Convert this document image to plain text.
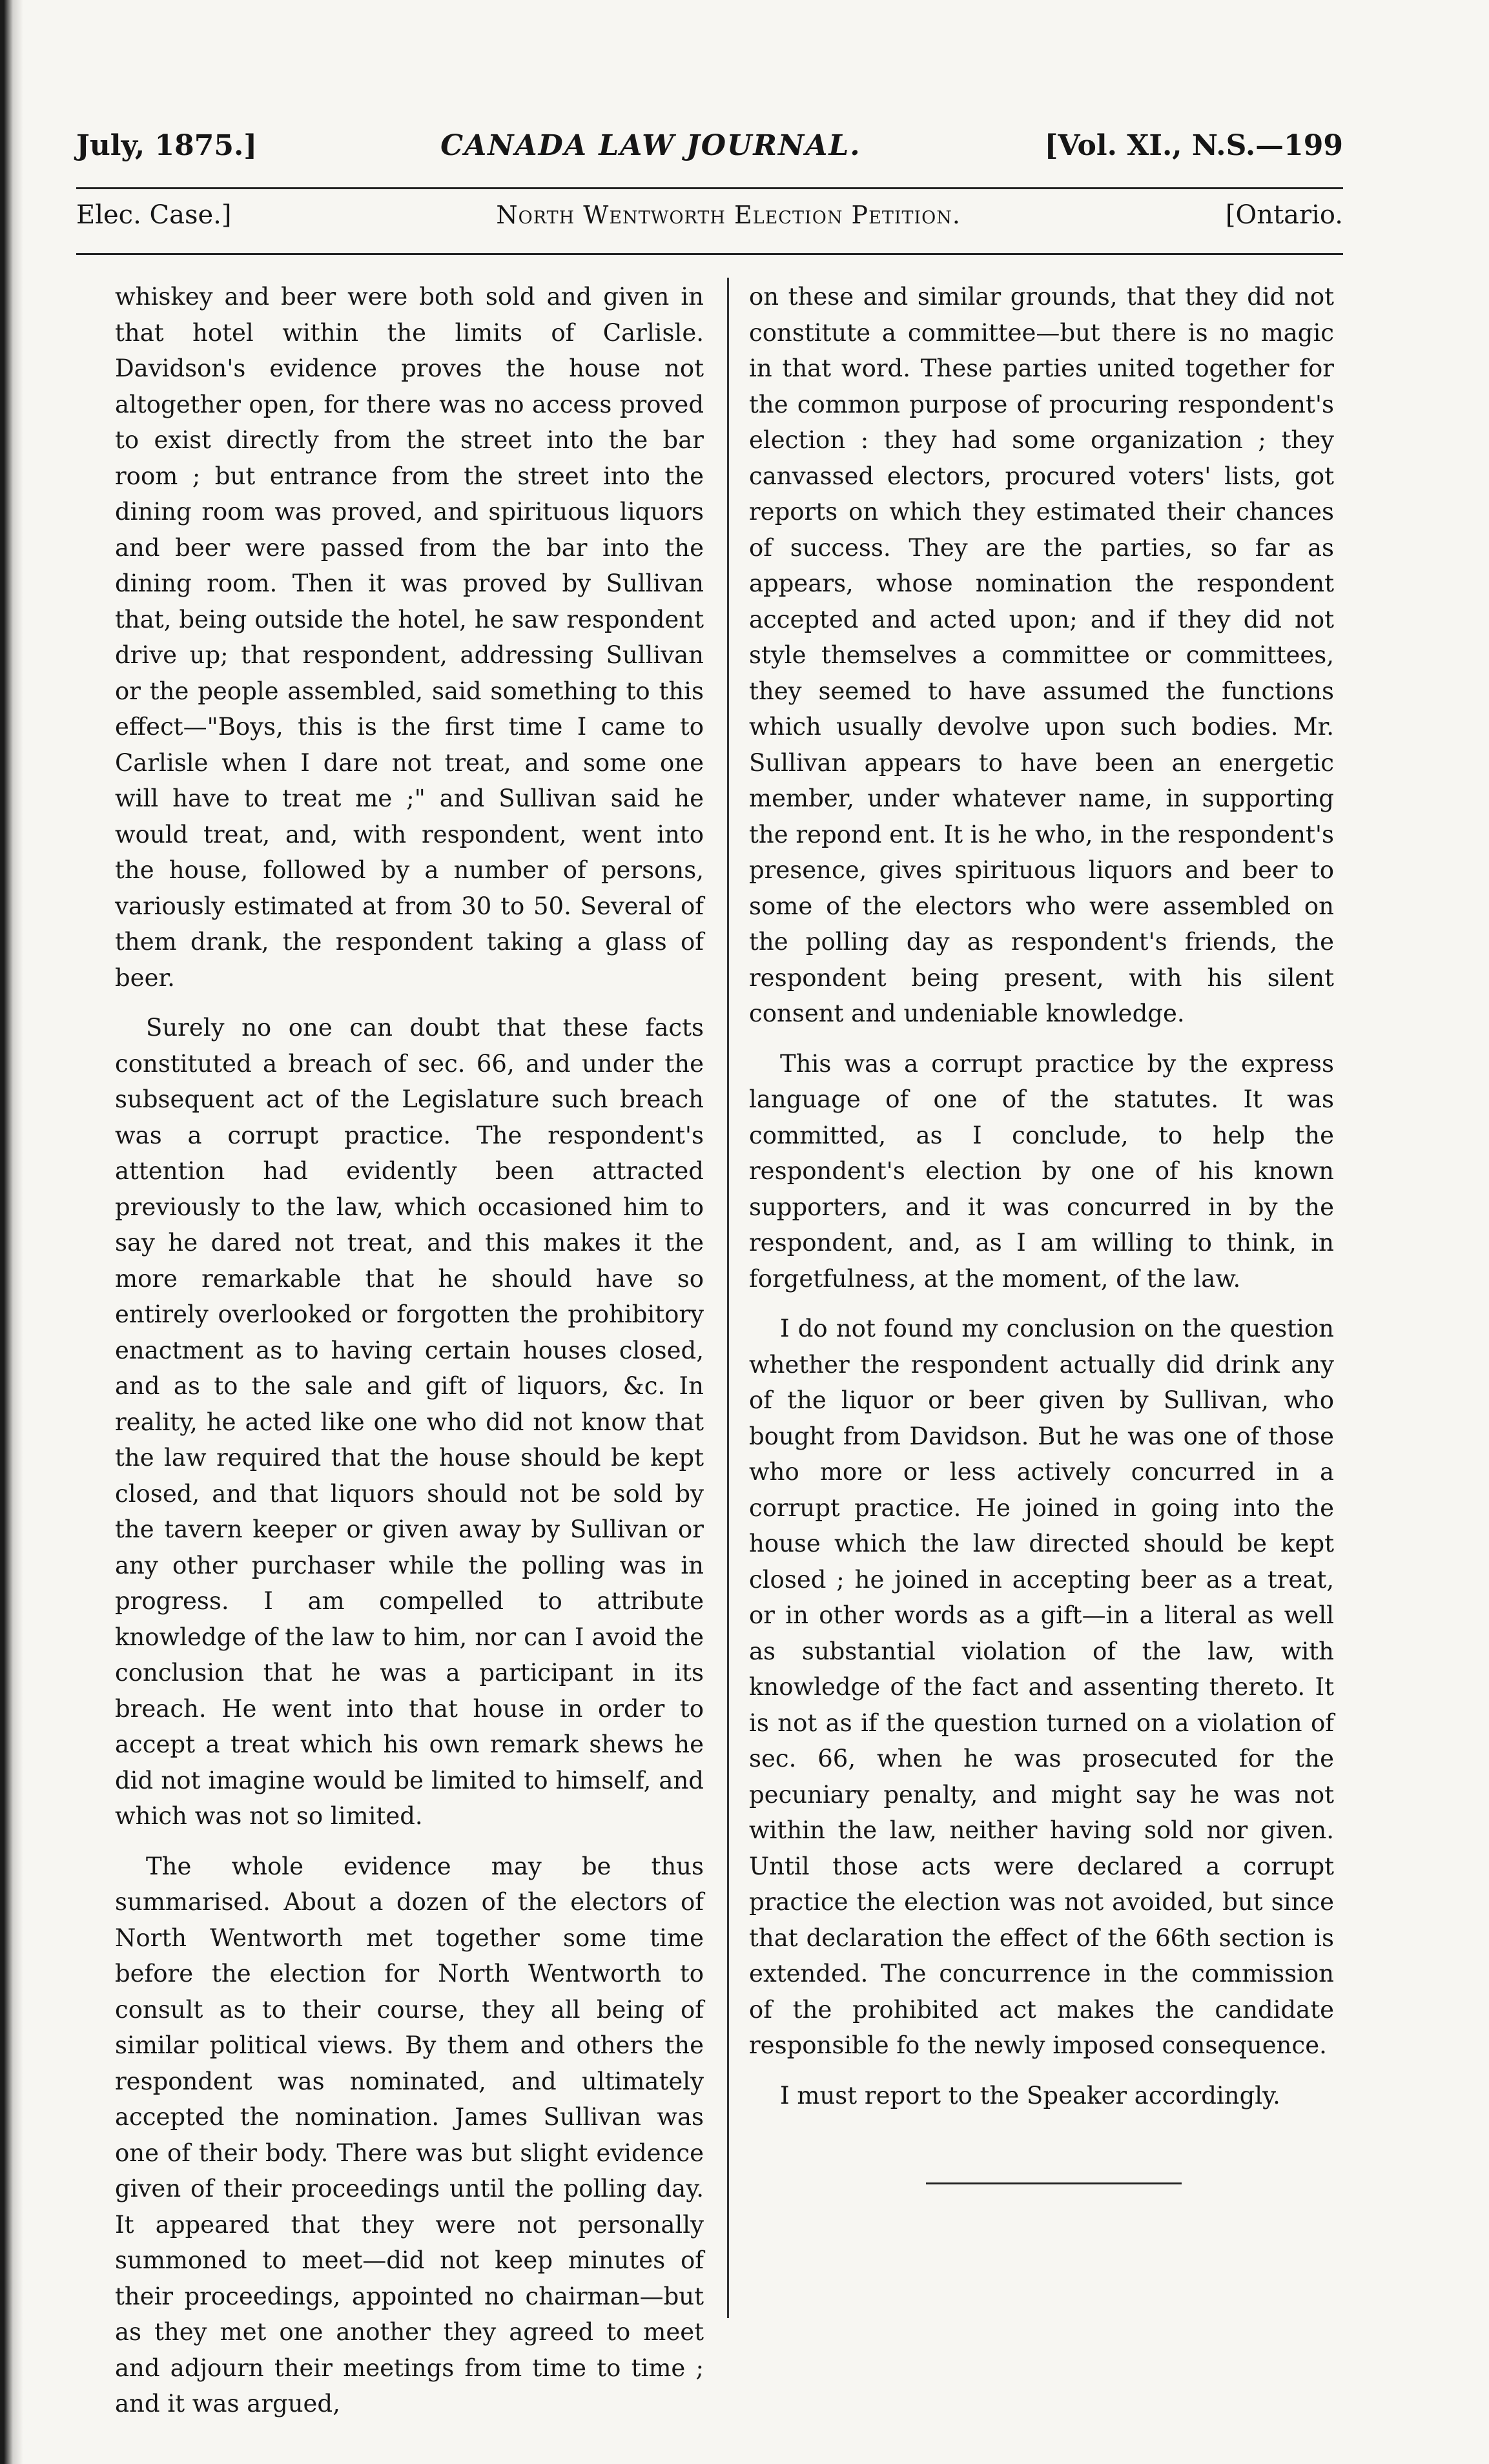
July, 1875.]	CANADA LAW JOURNAL.	[Vol. XI., N.S.—199
Elec. Case.]	North Wentworth Election Petition.	[Ontario.

whiskey and beer were both sold and given in that hotel within the limits of Carlisle. Davidson's evidence proves the house not altogether open, for there was no access proved to exist directly from the street into the bar room ; but entrance from the street into the dining room was proved, and spirituous liquors and beer were passed from the bar into the dining room. Then it was proved by Sullivan that, being outside the hotel, he saw respondent drive up; that respondent, addressing Sullivan or the people assembled, said something to this effect—"Boys, this is the first time I came to Carlisle when I dare not treat, and some one will have to treat me ;" and Sullivan said he would treat, and, with respondent, went into the house, followed by a number of persons, variously estimated at from 30 to 50. Several of them drank, the respondent taking a glass of beer.

Surely no one can doubt that these facts constituted a breach of sec. 66, and under the subsequent act of the Legislature such breach was a corrupt practice. The respondent's attention had evidently been attracted previously to the law, which occasioned him to say he dared not treat, and this makes it the more remarkable that he should have so entirely overlooked or forgotten the prohibitory enactment as to having certain houses closed, and as to the sale and gift of liquors, &c. In reality, he acted like one who did not know that the law required that the house should be kept closed, and that liquors should not be sold by the tavern keeper or given away by Sullivan or any other purchaser while the polling was in progress. I am compelled to attribute knowledge of the law to him, nor can I avoid the conclusion that he was a participant in its breach. He went into that house in order to accept a treat which his own remark shews he did not imagine would be limited to himself, and which was not so limited.

The whole evidence may be thus summarised. About a dozen of the electors of North Wentworth met together some time before the election for North Wentworth to consult as to their course, they all being of similar political views. By them and others the respondent was nominated, and ultimately accepted the nomination. James Sullivan was one of their body. There was but slight evidence given of their proceedings until the polling day. It appeared that they were not personally summoned to meet—did not keep minutes of their proceedings, appointed no chairman—but as they met one another they agreed to meet and adjourn their meetings from time to time ; and it was argued,

on these and similar grounds, that they did not constitute a committee—but there is no magic in that word. These parties united together for the common purpose of procuring respondent's election : they had some organization ; they canvassed electors, procured voters' lists, got reports on which they estimated their chances of success. They are the parties, so far as appears, whose nomination the respondent accepted and acted upon; and if they did not style themselves a committee or committees, they seemed to have assumed the functions which usually devolve upon such bodies. Mr. Sullivan appears to have been an energetic member, under whatever name, in supporting the repond ent. It is he who, in the respondent's presence, gives spirituous liquors and beer to some of the electors who were assembled on the polling day as respondent's friends, the respondent being present, with his silent consent and undeniable knowledge.

This was a corrupt practice by the express language of one of the statutes. It was committed, as I conclude, to help the respondent's election by one of his known supporters, and it was concurred in by the respondent, and, as I am willing to think, in forgetfulness, at the moment, of the law.

I do not found my conclusion on the question whether the respondent actually did drink any of the liquor or beer given by Sullivan, who bought from Davidson. But he was one of those who more or less actively concurred in a corrupt practice. He joined in going into the house which the law directed should be kept closed ; he joined in accepting beer as a treat, or in other words as a gift—in a literal as well as substantial violation of the law, with knowledge of the fact and assenting thereto. It is not as if the question turned on a violation of sec. 66, when he was prosecuted for the pecuniary penalty, and might say he was not within the law, neither having sold nor given. Until those acts were declared a corrupt practice the election was not avoided, but since that declaration the effect of the 66th section is extended. The concurrence in the commission of the prohibited act makes the candidate responsible fo the newly imposed consequence.

I must report to the Speaker accordingly.
